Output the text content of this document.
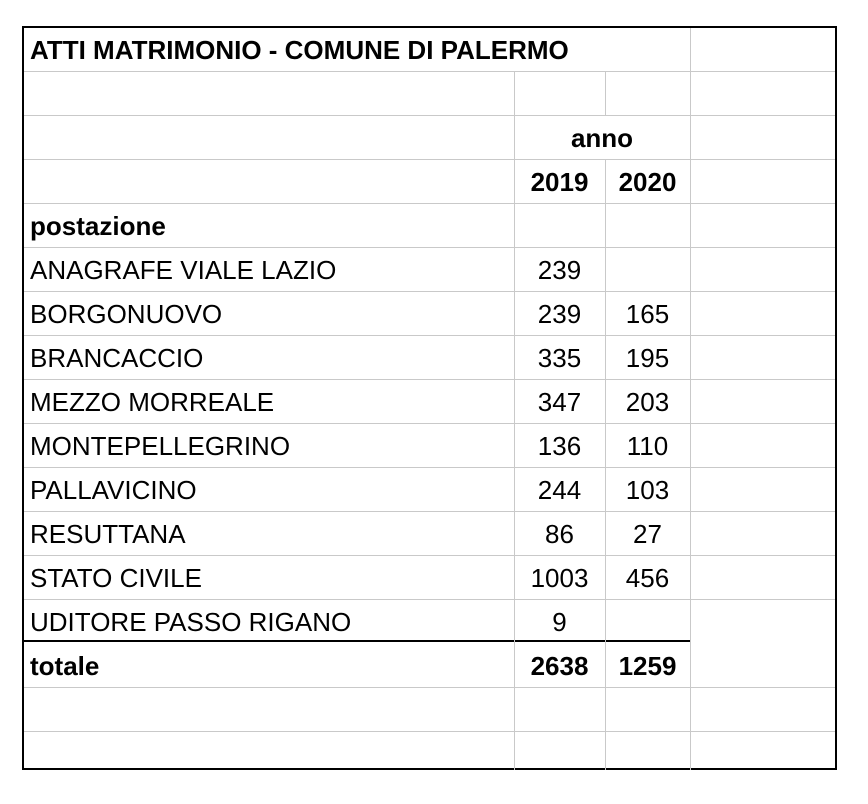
ATTI MATRIMONIO - COMUNE DI PALERMO
anno
2019	2020
postazione
ANAGRAFE VIALE LAZIO	239
BORGONUOVO	239	165
BRANCACCIO	335	195
MEZZO MORREALE	347	203
MONTEPELLEGRINO	136	110
PALLAVICINO	244	103
RESUTTANA	86	27
STATO CIVILE	1003	456
UDITORE PASSO RIGANO	9
totale	2638	1259
